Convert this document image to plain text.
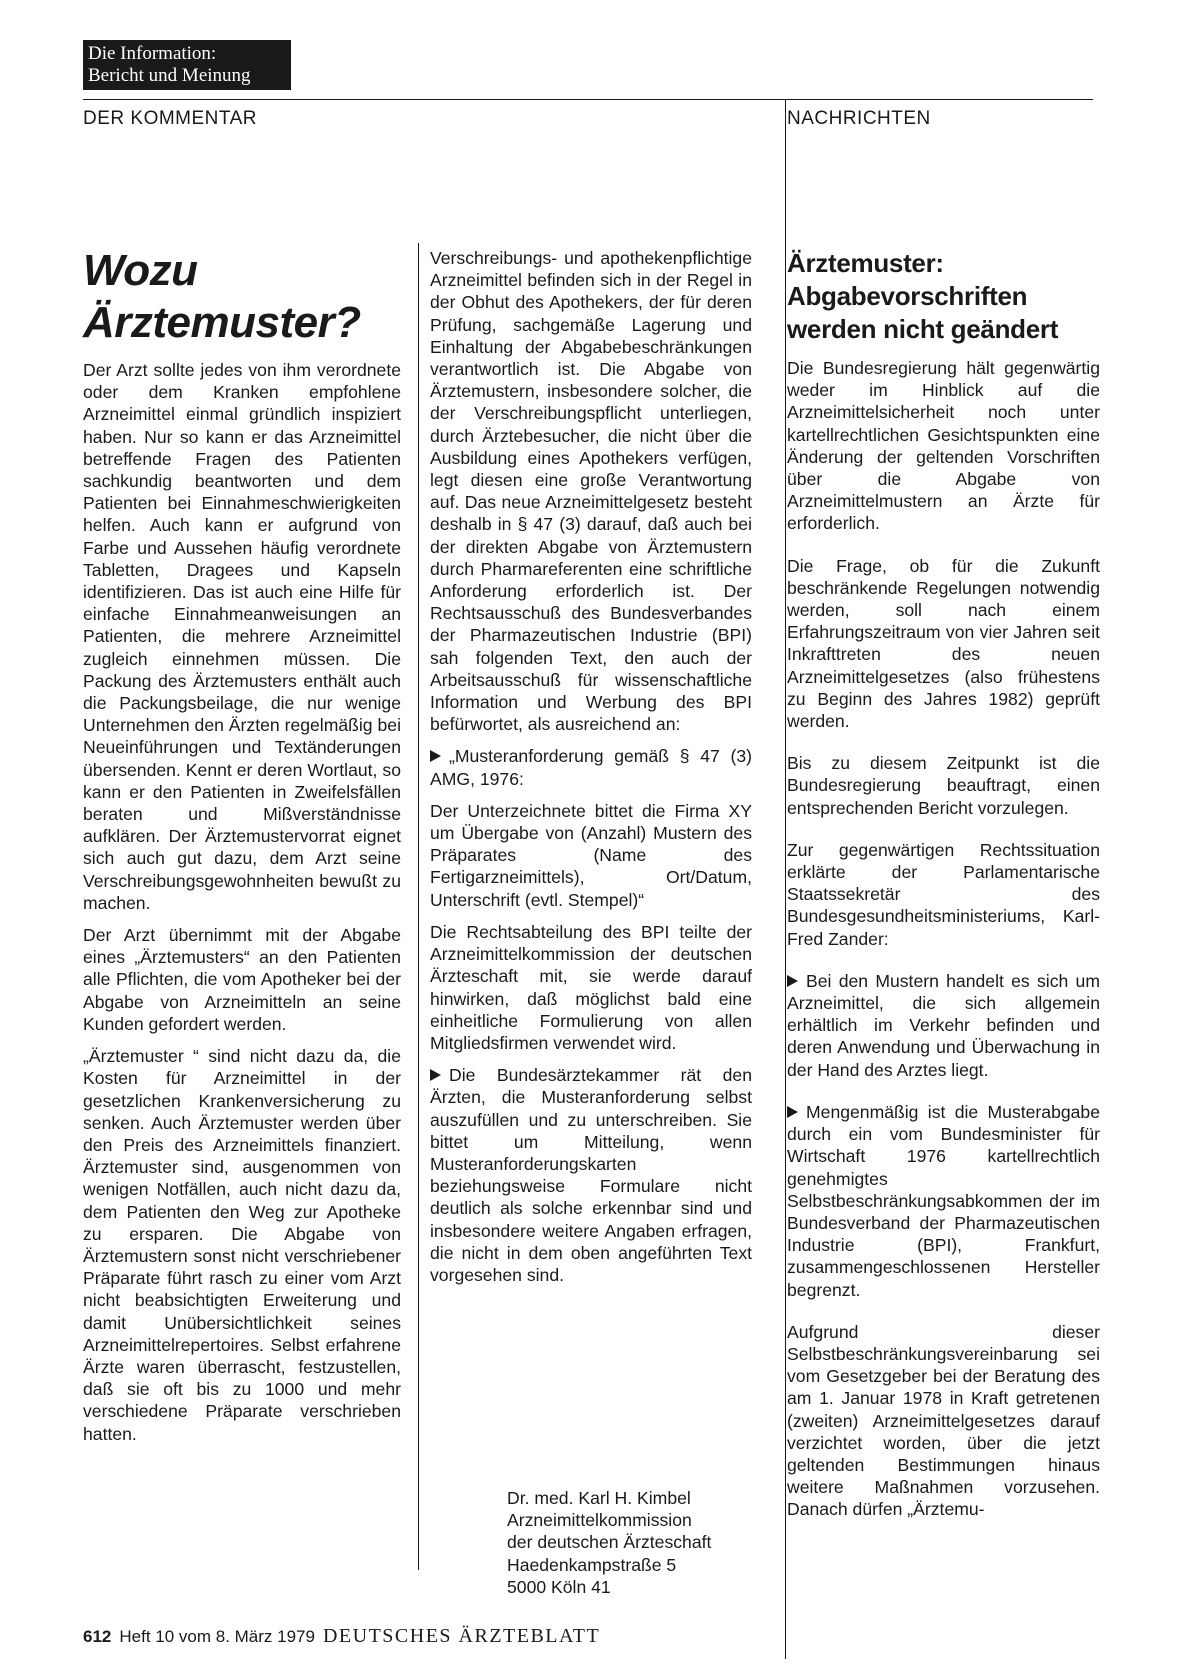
Die Information:
Bericht und Meinung
DER KOMMENTAR	NACHRICHTEN
Wozu
Ärztemuster?

Der Arzt sollte jedes von ihm verordnete oder dem Kranken empfohlene Arzneimittel einmal gründlich inspiziert haben. Nur so kann er das Arzneimittel betreffende Fragen des Patienten sachkundig beantworten und dem Patienten bei Einnahmeschwierigkeiten helfen. Auch kann er aufgrund von Farbe und Aussehen häufig verordnete Tabletten, Dragees und Kapseln identifizieren. Das ist auch eine Hilfe für einfache Einnahmeanweisungen an Patienten, die mehrere Arzneimittel zugleich einnehmen müssen. Die Packung des Ärztemusters enthält auch die Packungsbeilage, die nur wenige Unternehmen den Ärzten regelmäßig bei Neueinführungen und Textänderungen übersenden. Kennt er deren Wortlaut, so kann er den Patienten in Zweifelsfällen beraten und Mißverständnisse aufklären. Der Ärztemustervorrat eignet sich auch gut dazu, dem Arzt seine Verschreibungsgewohnheiten bewußt zu machen.

Der Arzt übernimmt mit der Abgabe eines „Ärztemusters“ an den Patienten alle Pflichten, die vom Apotheker bei der Abgabe von Arzneimitteln an seine Kunden gefordert werden.

„Ärztemuster “ sind nicht dazu da, die Kosten für Arzneimittel in der gesetzlichen Krankenversicherung zu senken. Auch Ärztemuster werden über den Preis des Arzneimittels finanziert. Ärztemuster sind, ausgenommen von wenigen Notfällen, auch nicht dazu da, dem Patienten den Weg zur Apotheke zu ersparen. Die Abgabe von Ärztemustern sonst nicht verschriebener Präparate führt rasch zu einer vom Arzt nicht beabsichtigten Erweiterung und damit Unübersichtlichkeit seines Arzneimittelrepertoires. Selbst erfahrene Ärzte waren überrascht, festzustellen, daß sie oft bis zu 1000 und mehr verschiedene Präparate verschrieben hatten.

Verschreibungs- und apothekenpflichtige Arzneimittel befinden sich in der Regel in der Obhut des Apothekers, der für deren Prüfung, sachgemäße Lagerung und Einhaltung der Abgabebeschränkungen verantwortlich ist. Die Abgabe von Ärztemustern, insbesondere solcher, die der Verschreibungspflicht unterliegen, durch Ärztebesucher, die nicht über die Ausbildung eines Apothekers verfügen, legt diesen eine große Verantwortung auf. Das neue Arzneimittelgesetz besteht deshalb in § 47 (3) darauf, daß auch bei der direkten Abgabe von Ärztemustern durch Pharmareferenten eine schriftliche Anforderung erforderlich ist. Der Rechtsausschuß des Bundesverbandes der Pharmazeutischen Industrie (BPI) sah folgenden Text, den auch der Arbeitsausschuß für wissenschaftliche Information und Werbung des BPI befürwortet, als ausreichend an:

„Musteranforderung gemäß § 47 (3) AMG, 1976:

Der Unterzeichnete bittet die Firma XY um Übergabe von (Anzahl) Mustern des Präparates (Name des Fertigarzneimittels), Ort/Datum, Unterschrift (evtl. Stempel)“

Die Rechtsabteilung des BPI teilte der Arzneimittelkommission der deutschen Ärzteschaft mit, sie werde darauf hinwirken, daß möglichst bald eine einheitliche Formulierung von allen Mitgliedsfirmen verwendet wird.

Die Bundesärztekammer rät den Ärzten, die Musteranforderung selbst auszufüllen und zu unterschreiben. Sie bittet um Mitteilung, wenn Musteranforderungskarten beziehungsweise Formulare nicht deutlich als solche erkennbar sind und insbesondere weitere Angaben erfragen, die nicht in dem oben angeführten Text vorgesehen sind.

Dr. med. Karl H. Kimbel
Arzneimittelkommission
der deutschen Ärzteschaft
Haedenkampstraße 5
5000 Köln 41
Ärztemuster:
Abgabevorschriften
werden nicht geändert

Die Bundesregierung hält gegenwärtig weder im Hinblick auf die Arzneimittelsicherheit noch unter kartellrechtlichen Gesichtspunkten eine Änderung der geltenden Vorschriften über die Abgabe von Arzneimittelmustern an Ärzte für erforderlich.

Die Frage, ob für die Zukunft beschränkende Regelungen notwendig werden, soll nach einem Erfahrungszeitraum von vier Jahren seit Inkrafttreten des neuen Arzneimittelgesetzes (also frühestens zu Beginn des Jahres 1982) geprüft werden.

Bis zu diesem Zeitpunkt ist die Bundesregierung beauftragt, einen entsprechenden Bericht vorzulegen.

Zur gegenwärtigen Rechtssituation erklärte der Parlamentarische Staatssekretär des Bundesgesundheitsministeriums, Karl-Fred Zander:

Bei den Mustern handelt es sich um Arzneimittel, die sich allgemein erhältlich im Verkehr befinden und deren Anwendung und Überwachung in der Hand des Arztes liegt.

Mengenmäßig ist die Musterabgabe durch ein vom Bundesminister für Wirtschaft 1976 kartellrechtlich genehmigtes Selbstbeschränkungsabkommen der im Bundesverband der Pharmazeutischen Industrie (BPI), Frankfurt, zusammengeschlossenen Hersteller begrenzt.

Aufgrund dieser Selbstbeschränkungsvereinbarung sei vom Gesetzgeber bei der Beratung des am 1. Januar 1978 in Kraft getretenen (zweiten) Arzneimittelgesetzes darauf verzichtet worden, über die jetzt geltenden Bestimmungen hinaus weitere Maßnahmen vorzusehen. Danach dürfen „Ärztemu-

612 Heft 10 vom 8. März 1979 DEUTSCHES ÄRZTEBLATT
